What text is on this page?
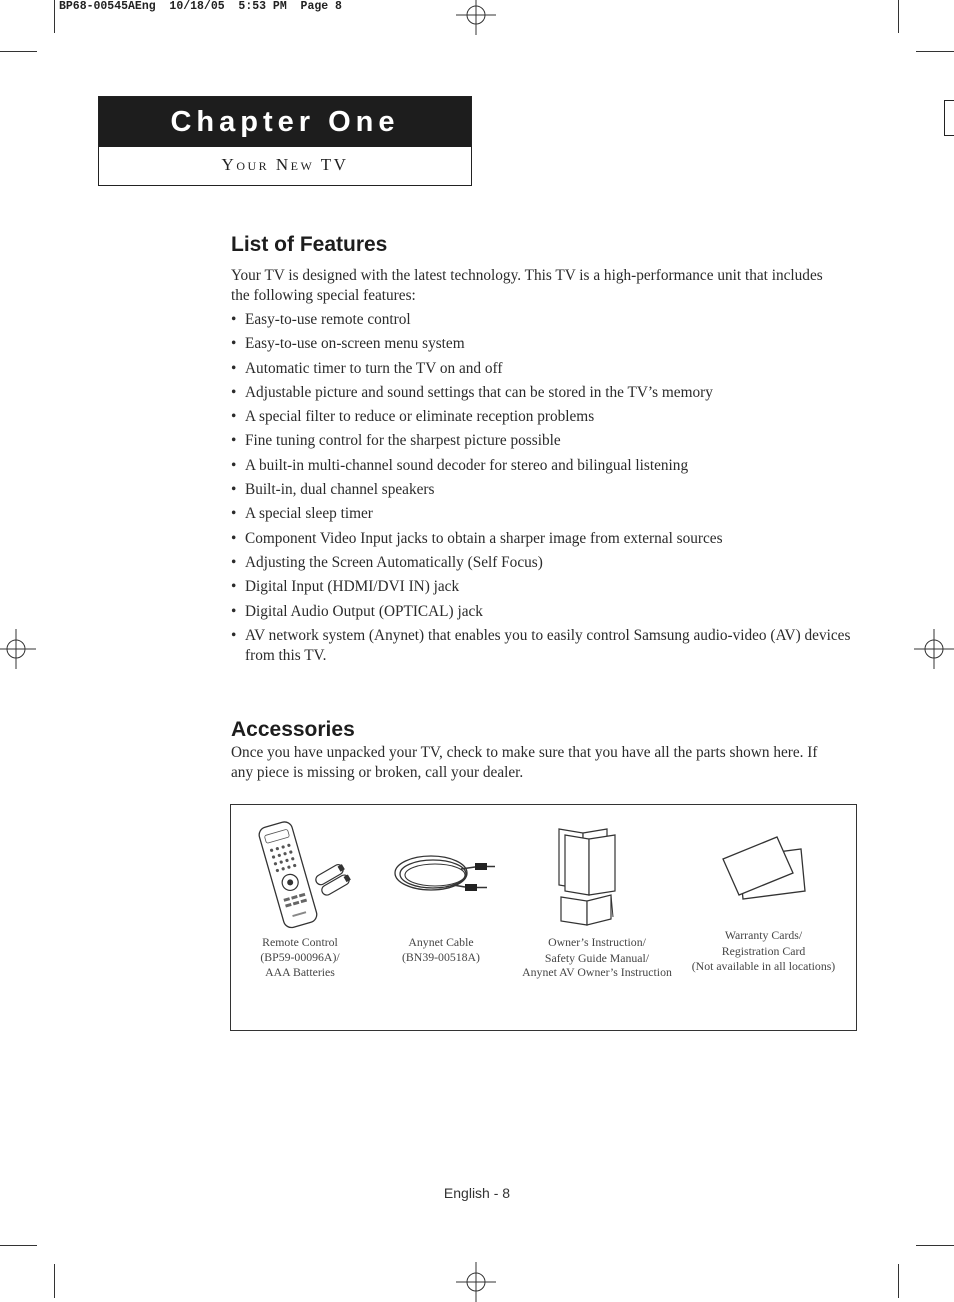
BP68-00545AEng  10/18/05  5:53 PM  Page 8
Chapter One
Your New TV
List of Features

Your TV is designed with the latest technology. This TV is a high-performance unit that includes the following special features:

• Easy-to-use remote control
• Easy-to-use on-screen menu system
• Automatic timer to turn the TV on and off
• Adjustable picture and sound settings that can be stored in the TV’s memory
• A special filter to reduce or eliminate reception problems
• Fine tuning control for the sharpest picture possible
• A built-in multi-channel sound decoder for stereo and bilingual listening
• Built-in, dual channel speakers
• A special sleep timer
• Component Video Input jacks to obtain a sharper image from external sources
• Adjusting the Screen Automatically (Self Focus)
• Digital Input (HDMI/DVI IN) jack
• Digital Audio Output (OPTICAL) jack
• AV network system (Anynet) that enables you to easily control Samsung audio-video (AV) devices from this TV.
Accessories

Once you have unpacked your TV, check to make sure that you have all the parts shown here. If any piece is missing or broken, call your dealer.

Remote Control
(BP59-00096A)/
AAA Batteries
Anynet Cable
(BN39-00518A)
Owner’s Instruction/
Safety Guide Manual/
Anynet AV Owner’s Instruction
Warranty Cards/
Registration Card
(Not available in all locations)
English - 8
